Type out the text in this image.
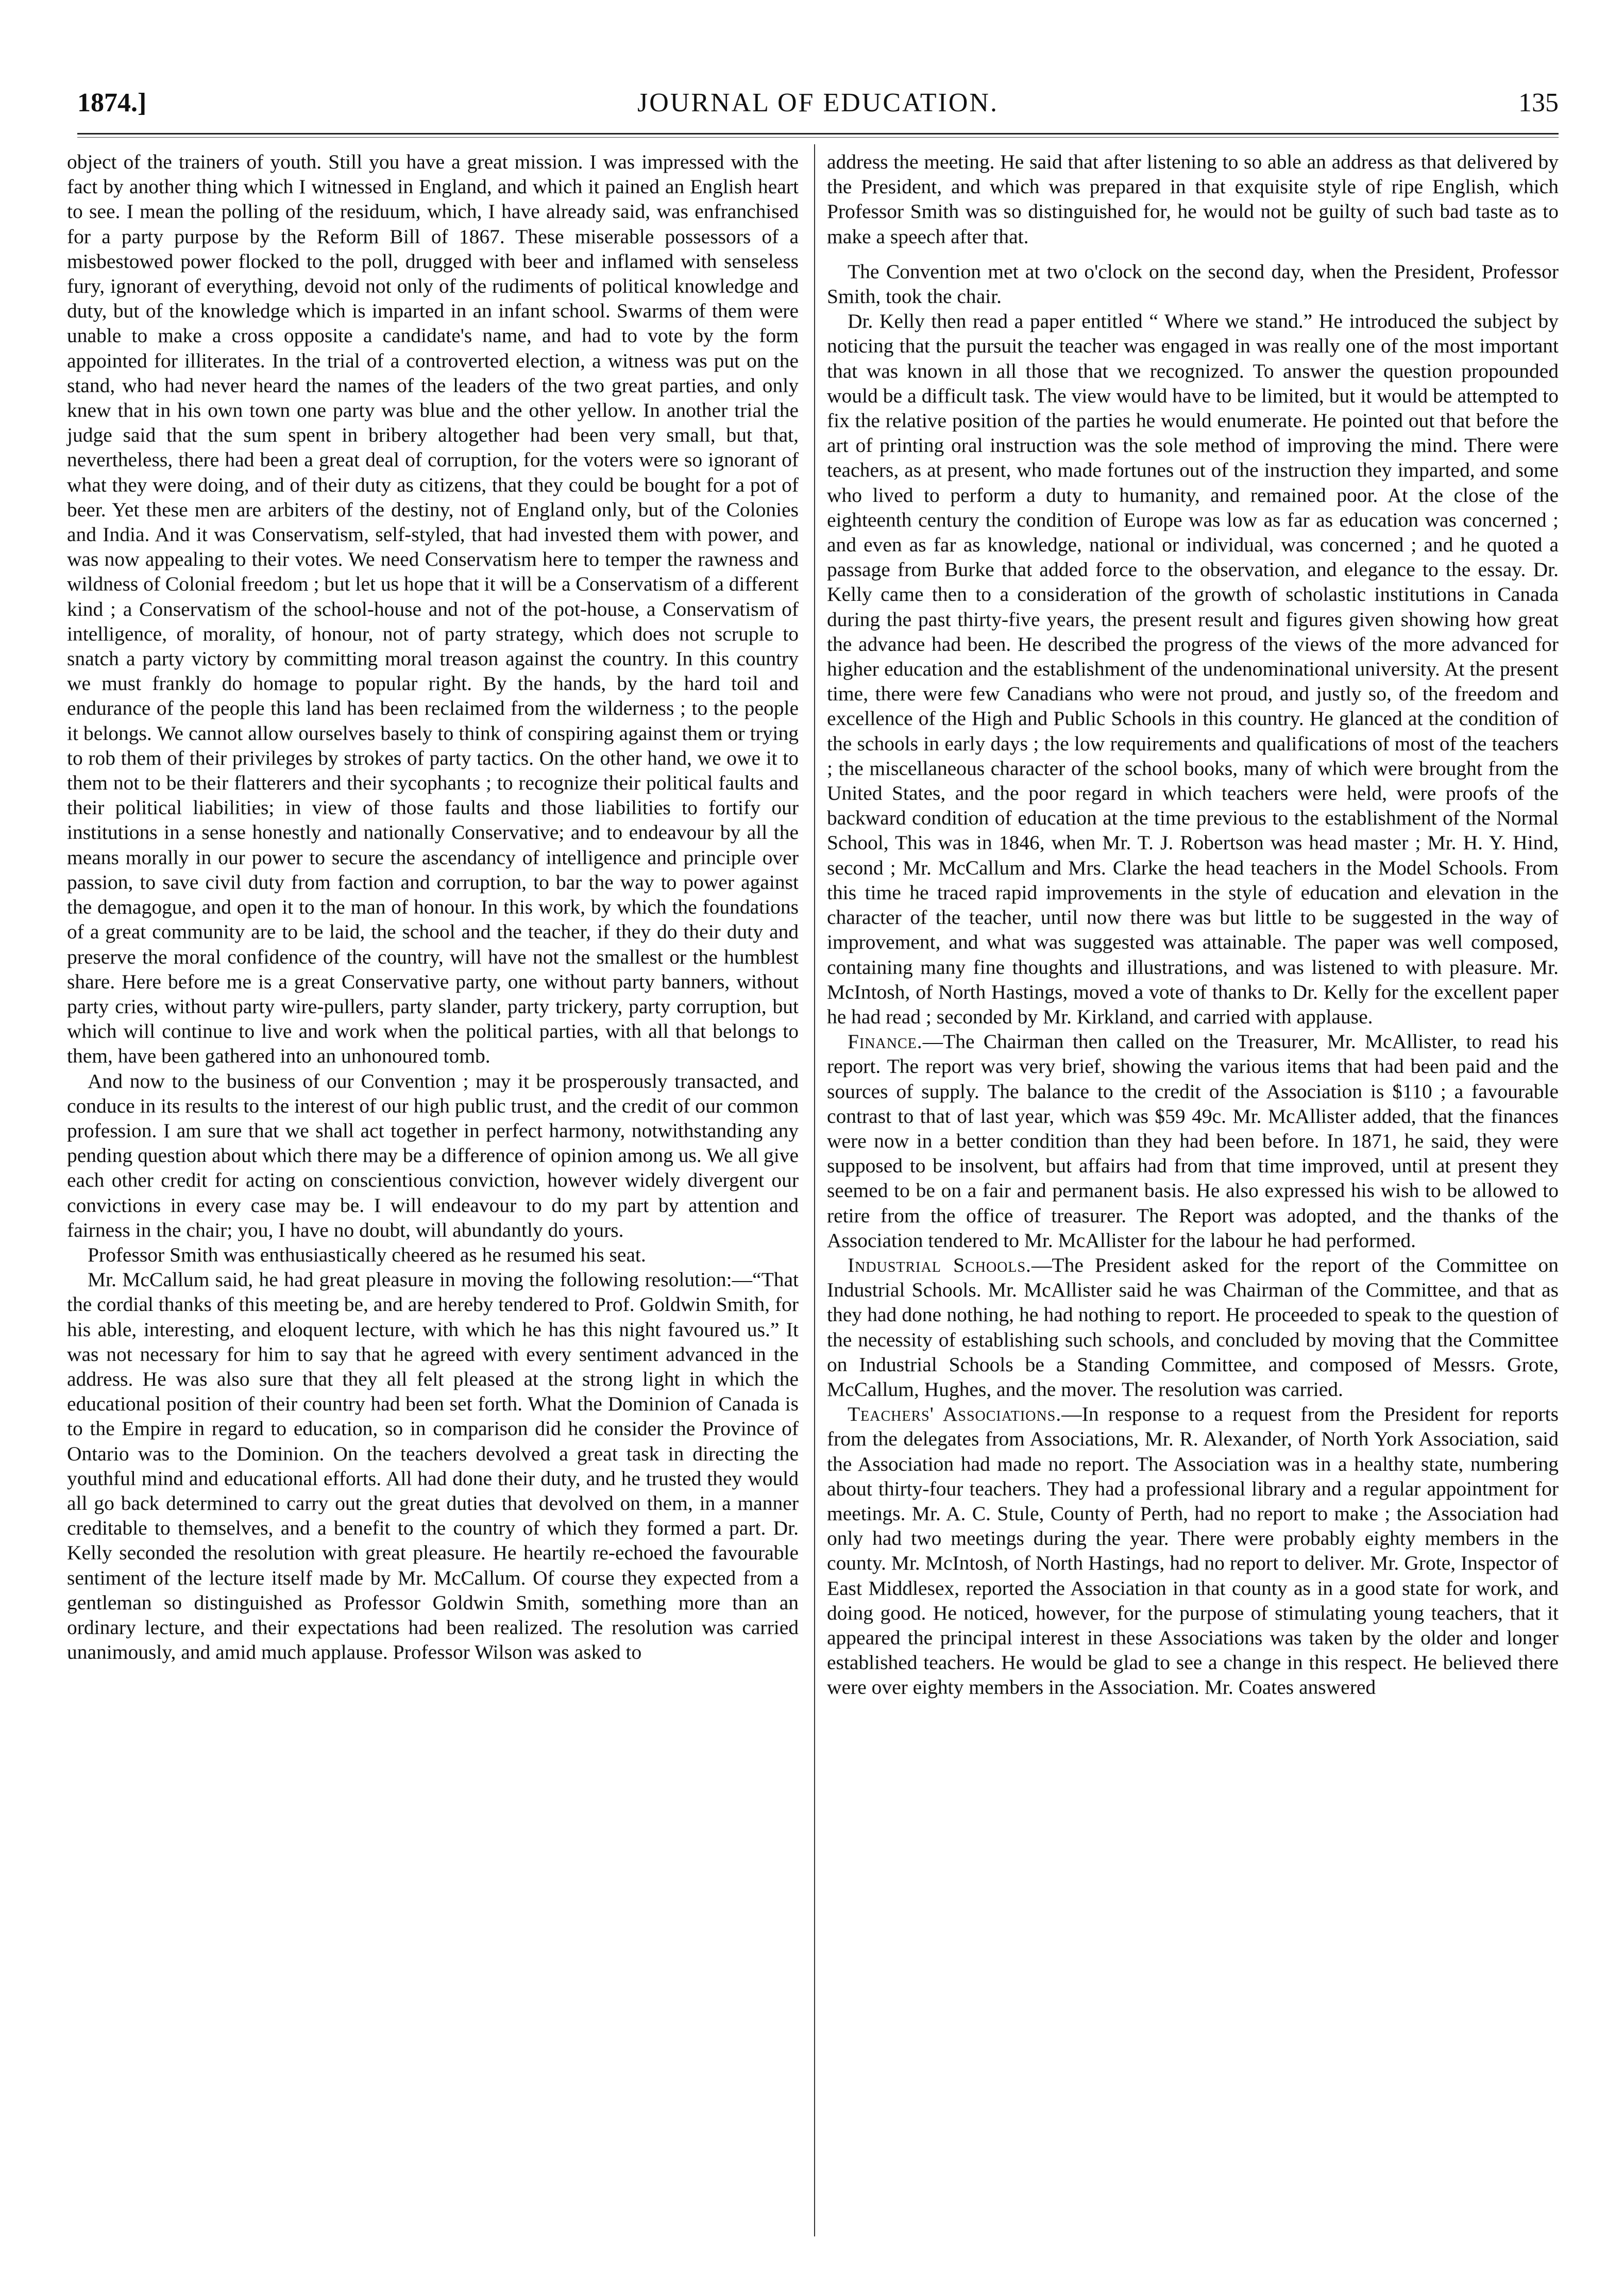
1874.]	JOURNAL OF EDUCATION.	135

object of the trainers of youth. Still you have a great mission. I was impressed with the fact by another thing which I witnessed in England, and which it pained an English heart to see. I mean the polling of the residuum, which, I have already said, was enfranchised for a party purpose by the Reform Bill of 1867. These miserable possessors of a misbestowed power flocked to the poll, drugged with beer and inflamed with senseless fury, ignorant of everything, devoid not only of the rudiments of political knowledge and duty, but of the knowledge which is imparted in an infant school. Swarms of them were unable to make a cross opposite a candidate's name, and had to vote by the form appointed for illiterates. In the trial of a controverted election, a witness was put on the stand, who had never heard the names of the leaders of the two great parties, and only knew that in his own town one party was blue and the other yellow. In another trial the judge said that the sum spent in bribery altogether had been very small, but that, nevertheless, there had been a great deal of corruption, for the voters were so ignorant of what they were doing, and of their duty as citizens, that they could be bought for a pot of beer. Yet these men are arbiters of the destiny, not of England only, but of the Colonies and India. And it was Conservatism, self-styled, that had invested them with power, and was now appealing to their votes. We need Conservatism here to temper the rawness and wildness of Colonial freedom ; but let us hope that it will be a Conservatism of a different kind ; a Conservatism of the school-house and not of the pot-house, a Conservatism of intelligence, of morality, of honour, not of party strategy, which does not scruple to snatch a party victory by committing moral treason against the country. In this country we must frankly do homage to popular right. By the hands, by the hard toil and endurance of the people this land has been reclaimed from the wilderness ; to the people it belongs. We cannot allow ourselves basely to think of conspiring against them or trying to rob them of their privileges by strokes of party tactics. On the other hand, we owe it to them not to be their flatterers and their sycophants ; to recognize their political faults and their political liabilities; in view of those faults and those liabilities to fortify our institutions in a sense honestly and nationally Conservative; and to endeavour by all the means morally in our power to secure the ascendancy of intelligence and principle over passion, to save civil duty from faction and corruption, to bar the way to power against the demagogue, and open it to the man of honour. In this work, by which the foundations of a great community are to be laid, the school and the teacher, if they do their duty and preserve the moral confidence of the country, will have not the smallest or the humblest share. Here before me is a great Conservative party, one without party banners, without party cries, without party wire-pullers, party slander, party trickery, party corruption, but which will continue to live and work when the political parties, with all that belongs to them, have been gathered into an unhonoured tomb.

And now to the business of our Convention ; may it be prosperously transacted, and conduce in its results to the interest of our high public trust, and the credit of our common profession. I am sure that we shall act together in perfect harmony, notwithstanding any pending question about which there may be a difference of opinion among us. We all give each other credit for acting on conscientious conviction, however widely divergent our convictions in every case may be. I will endeavour to do my part by attention and fairness in the chair; you, I have no doubt, will abundantly do yours.

Professor Smith was enthusiastically cheered as he resumed his seat.

Mr. McCallum said, he had great pleasure in moving the following resolution:—“That the cordial thanks of this meeting be, and are hereby tendered to Prof. Goldwin Smith, for his able, interesting, and eloquent lecture, with which he has this night favoured us.” It was not necessary for him to say that he agreed with every sentiment advanced in the address. He was also sure that they all felt pleased at the strong light in which the educational position of their country had been set forth. What the Dominion of Canada is to the Empire in regard to education, so in comparison did he consider the Province of Ontario was to the Dominion. On the teachers devolved a great task in directing the youthful mind and educational efforts. All had done their duty, and he trusted they would all go back determined to carry out the great duties that devolved on them, in a manner creditable to themselves, and a benefit to the country of which they formed a part. Dr. Kelly seconded the resolution with great pleasure. He heartily re-echoed the favourable sentiment of the lecture itself made by Mr. McCallum. Of course they expected from a gentleman so distinguished as Professor Goldwin Smith, something more than an ordinary lecture, and their expectations had been realized. The resolution was carried unanimously, and amid much applause. Professor Wilson was asked to

address the meeting. He said that after listening to so able an address as that delivered by the President, and which was prepared in that exquisite style of ripe English, which Professor Smith was so distinguished for, he would not be guilty of such bad taste as to make a speech after that.

The Convention met at two o'clock on the second day, when the President, Professor Smith, took the chair.

Dr. Kelly then read a paper entitled “ Where we stand.” He introduced the subject by noticing that the pursuit the teacher was engaged in was really one of the most important that was known in all those that we recognized. To answer the question propounded would be a difficult task. The view would have to be limited, but it would be attempted to fix the relative position of the parties he would enumerate. He pointed out that before the art of printing oral instruction was the sole method of improving the mind. There were teachers, as at present, who made fortunes out of the instruction they imparted, and some who lived to perform a duty to humanity, and remained poor. At the close of the eighteenth century the condition of Europe was low as far as education was concerned ; and even as far as knowledge, national or individual, was concerned ; and he quoted a passage from Burke that added force to the observation, and elegance to the essay. Dr. Kelly came then to a consideration of the growth of scholastic institutions in Canada during the past thirty-five years, the present result and figures given showing how great the advance had been. He described the progress of the views of the more advanced for higher education and the establishment of the undenominational university. At the present time, there were few Canadians who were not proud, and justly so, of the freedom and excellence of the High and Public Schools in this country. He glanced at the condition of the schools in early days ; the low requirements and qualifications of most of the teachers ; the miscellaneous character of the school books, many of which were brought from the United States, and the poor regard in which teachers were held, were proofs of the backward condition of education at the time previous to the establishment of the Normal School, This was in 1846, when Mr. T. J. Robertson was head master ; Mr. H. Y. Hind, second ; Mr. McCallum and Mrs. Clarke the head teachers in the Model Schools. From this time he traced rapid improvements in the style of education and elevation in the character of the teacher, until now there was but little to be suggested in the way of improvement, and what was suggested was attainable. The paper was well composed, containing many fine thoughts and illustrations, and was listened to with pleasure. Mr. McIntosh, of North Hastings, moved a vote of thanks to Dr. Kelly for the excellent paper he had read ; seconded by Mr. Kirkland, and carried with applause.

Finance.—The Chairman then called on the Treasurer, Mr. McAllister, to read his report. The report was very brief, showing the various items that had been paid and the sources of supply. The balance to the credit of the Association is $110 ; a favourable contrast to that of last year, which was $59 49c. Mr. McAllister added, that the finances were now in a better condition than they had been before. In 1871, he said, they were supposed to be insolvent, but affairs had from that time improved, until at present they seemed to be on a fair and permanent basis. He also expressed his wish to be allowed to retire from the office of treasurer. The Report was adopted, and the thanks of the Association tendered to Mr. McAllister for the labour he had performed.

Industrial Schools.—The President asked for the report of the Committee on Industrial Schools. Mr. McAllister said he was Chairman of the Committee, and that as they had done nothing, he had nothing to report. He proceeded to speak to the question of the necessity of establishing such schools, and concluded by moving that the Committee on Industrial Schools be a Standing Committee, and composed of Messrs. Grote, McCallum, Hughes, and the mover. The resolution was carried.

Teachers' Associations.—In response to a request from the President for reports from the delegates from Associations, Mr. R. Alexander, of North York Association, said the Association had made no report. The Association was in a healthy state, numbering about thirty-four teachers. They had a professional library and a regular appointment for meetings. Mr. A. C. Stule, County of Perth, had no report to make ; the Association had only had two meetings during the year. There were probably eighty members in the county. Mr. McIntosh, of North Hastings, had no report to deliver. Mr. Grote, Inspector of East Middlesex, reported the Association in that county as in a good state for work, and doing good. He noticed, however, for the purpose of stimulating young teachers, that it appeared the principal interest in these Associations was taken by the older and longer established teachers. He would be glad to see a change in this respect. He believed there were over eighty members in the Association. Mr. Coates answered
